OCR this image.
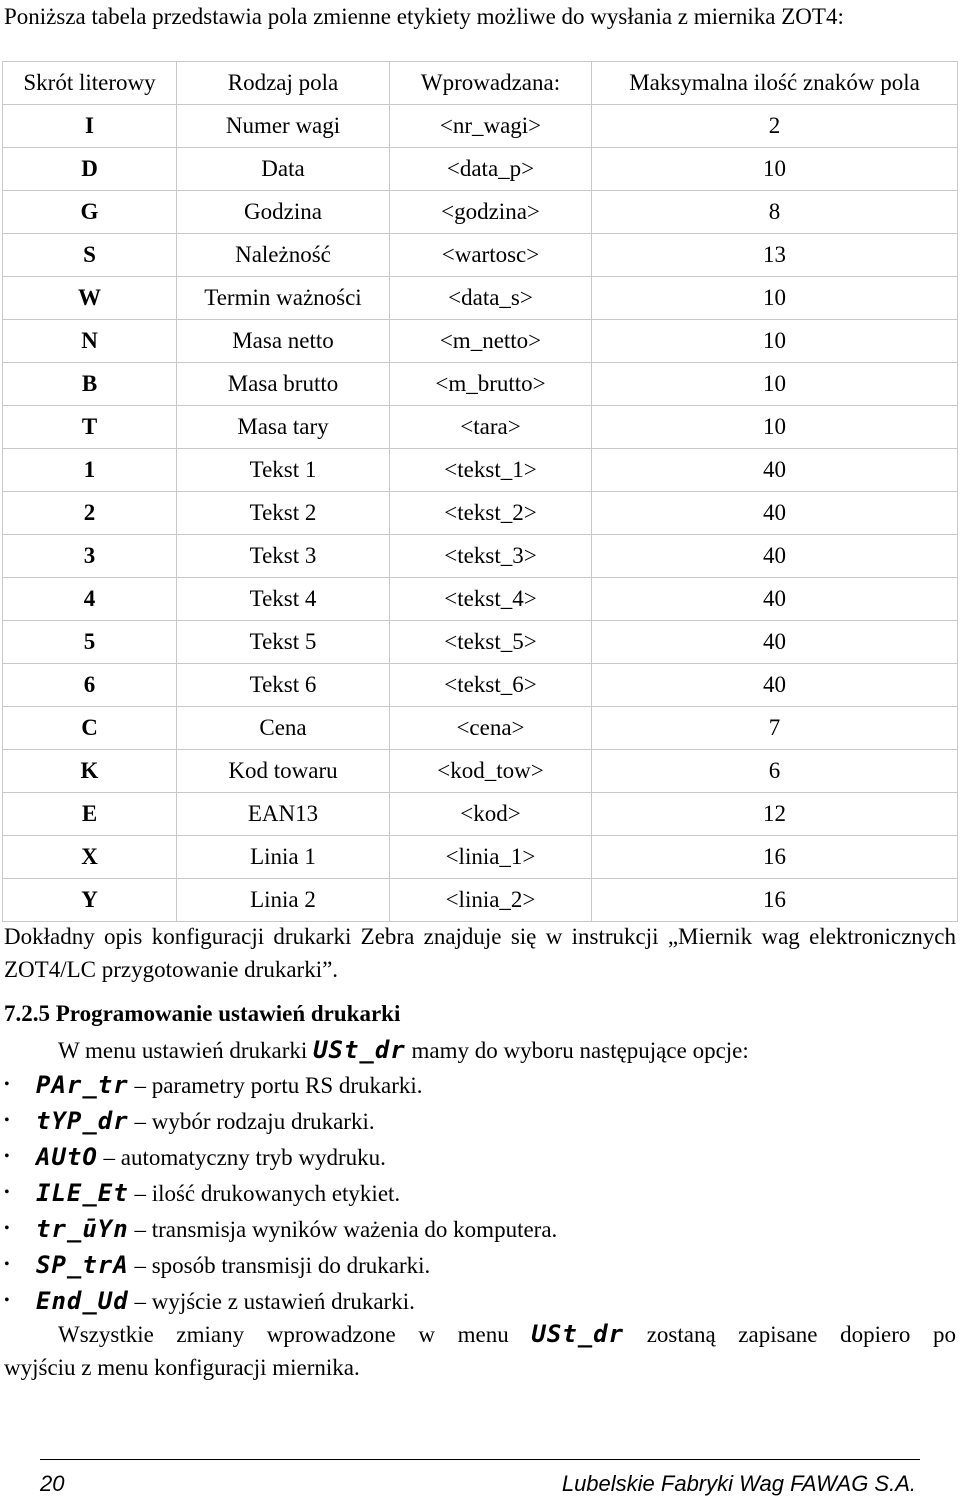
Poniższa tabela przedstawia pola zmienne etykiety możliwe do wysłania z miernika ZOT4:

Skrót literowy	Rodzaj pola	Wprowadzana:	Maksymalna ilość znaków pola
I	Numer wagi	<nr_wagi>	2
D	Data	<data_p>	10
G	Godzina	<godzina>	8
S	Należność	<wartosc>	13
W	Termin ważności	<data_s>	10
N	Masa netto	<m_netto>	10
B	Masa brutto	<m_brutto>	10
T	Masa tary	<tara>	10
1	Tekst 1	<tekst_1>	40
2	Tekst 2	<tekst_2>	40
3	Tekst 3	<tekst_3>	40
4	Tekst 4	<tekst_4>	40
5	Tekst 5	<tekst_5>	40
6	Tekst 6	<tekst_6>	40
C	Cena	<cena>	7
K	Kod towaru	<kod_tow>	6
E	EAN13	<kod>	12
X	Linia 1	<linia_1>	16
Y	Linia 2	<linia_2>	16

Dokładny opis konfiguracji drukarki Zebra znajduje się w instrukcji „Miernik wag elektronicznych ZOT4/LC przygotowanie drukarki”.

7.2.5 Programowanie ustawień drukarki

W menu ustawień drukarki USt_dr mamy do wyboru następujące opcje:

• PAr_tr – parametry portu RS drukarki.
• tYP_dr – wybór rodzaju drukarki.
• AUtO – automatyczny tryb wydruku.
• ILE_Et – ilość drukowanych etykiet.
• tr_ūYn – transmisja wyników ważenia do komputera.
• SP_trA – sposób transmisji do drukarki.
• End_Ud – wyjście z ustawień drukarki.

Wszystkie zmiany wprowadzone w menu USt_dr zostaną zapisane dopiero po
wyjściu z menu konfiguracji miernika.

20	Lubelskie Fabryki Wag FAWAG S.A.
